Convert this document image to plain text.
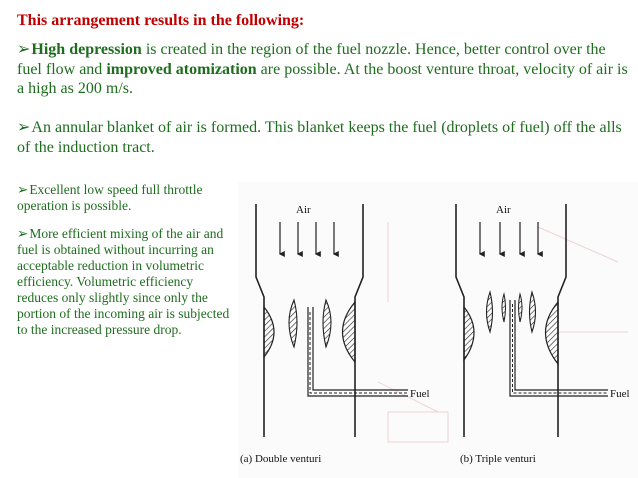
This arrangement results in the following:
➢High depression is created in the region of the fuel nozzle. Hence, better control over the fuel flow and improved atomization are possible. At the boost venture throat, velocity of air is a high as 200 m/s.
➢An annular blanket of air is formed. This blanket keeps the fuel (droplets of fuel) off the alls of the induction tract.
➢Excellent low speed full throttle operation is possible.
➢More efficient mixing of the air and fuel is obtained without incurring an acceptable reduction in volumetric efficiency. Volumetric efficiency reduces only slightly since only the portion of the incoming air is subjected to the increased pressure drop.
Air
Fuel
(a) Double venturi
Air
Fuel
(b) Triple venturi
